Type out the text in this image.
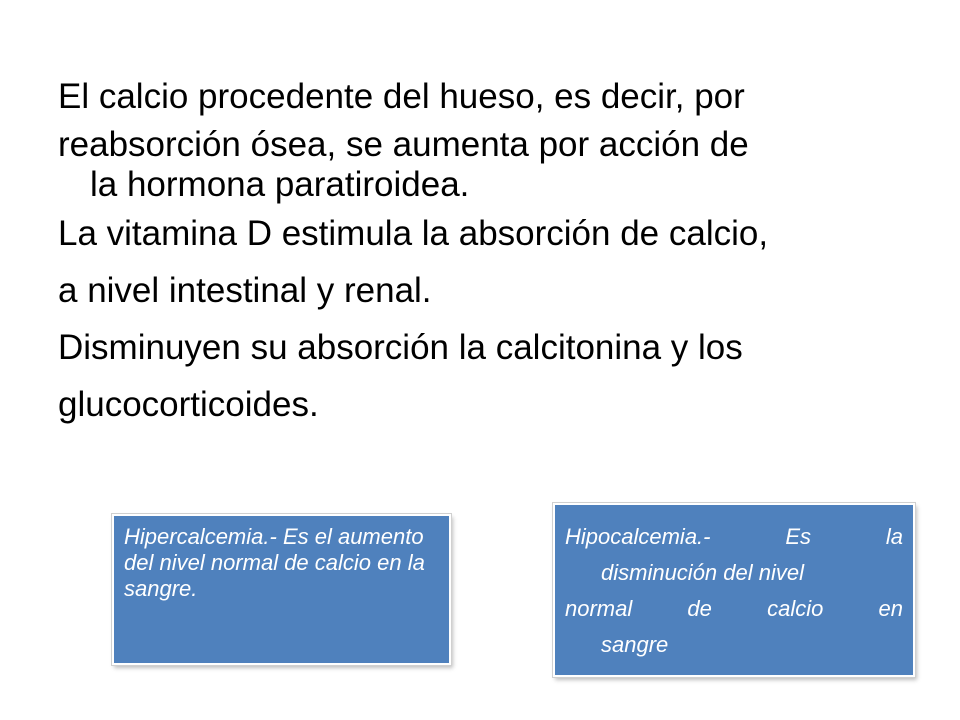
El calcio procedente del hueso, es decir, por
reabsorción ósea, se aumenta por acción de
la hormona paratiroidea.
La vitamina D estimula la absorción de calcio,
a nivel intestinal y renal.
Disminuyen su absorción la calcitonina y los
glucocorticoides.
Hipercalcemia.- Es el aumento del nivel normal de calcio en la sangre.
Hipocalcemia.-	Es	la
disminución del nivel
normal	de	calcio	en
sangre
